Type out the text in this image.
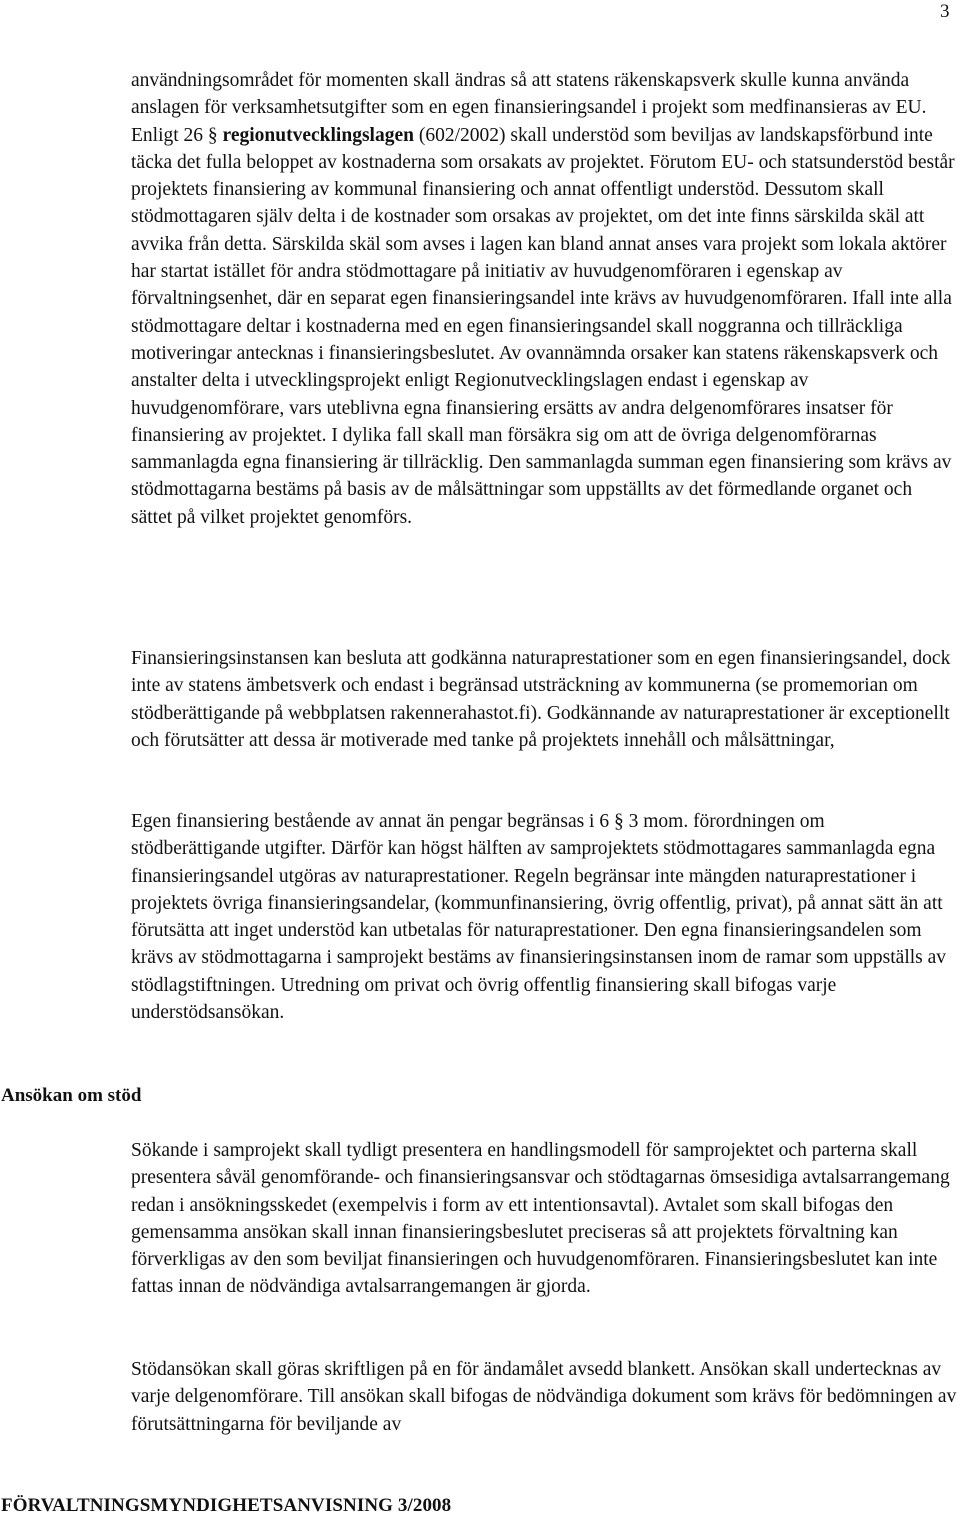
3

användningsområdet för momenten skall ändras så att statens räkenskapsverk skulle kunna använda anslagen för verksamhetsutgifter som en egen finansieringsandel i projekt som medfinansieras av EU. Enligt 26 § regionutvecklingslagen (602/2002) skall understöd som beviljas av landskapsförbund inte täcka det fulla beloppet av kostnaderna som orsakats av projektet. Förutom EU- och statsunderstöd består projektets finansiering av kommunal finansiering och annat offentligt understöd. Dessutom skall stödmottagaren själv delta i de kostnader som orsakas av projektet, om det inte finns särskilda skäl att avvika från detta. Särskilda skäl som avses i lagen kan bland annat anses vara projekt som lokala aktörer har startat istället för andra stödmottagare på initiativ av huvudgenomföraren i egenskap av förvaltningsenhet, där en separat egen finansieringsandel inte krävs av huvudgenomföraren. Ifall inte alla stödmottagare deltar i kostnaderna med en egen finansieringsandel skall noggranna och tillräckliga motiveringar antecknas i finansieringsbeslutet. Av ovannämnda orsaker kan statens räkenskapsverk och anstalter delta i utvecklingsprojekt enligt Regionutvecklingslagen endast i egenskap av huvudgenomförare, vars uteblivna egna finansiering ersätts av andra delgenomförares insatser för finansiering av projektet. I dylika fall skall man försäkra sig om att de övriga delgenomförarnas sammanlagda egna finansiering är tillräcklig. Den sammanlagda summan egen finansiering som krävs av stödmottagarna bestäms på basis av de målsättningar som uppställts av det förmedlande organet och sättet på vilket projektet genomförs.

Finansieringsinstansen kan besluta att godkänna naturaprestationer som en egen finansieringsandel, dock inte av statens ämbetsverk och endast i begränsad utsträckning av kommunerna (se promemorian om stödberättigande på webbplatsen rakennerahastot.fi). Godkännande av naturaprestationer är exceptionellt och förutsätter att dessa är motiverade med tanke på projektets innehåll och målsättningar,

Egen finansiering bestående av annat än pengar begränsas i 6 § 3 mom. förordningen om stödberättigande utgifter. Därför kan högst hälften av samprojektets stödmottagares sammanlagda egna finansieringsandel utgöras av naturaprestationer. Regeln begränsar inte mängden naturaprestationer i projektets övriga finansieringsandelar, (kommunfinansiering, övrig offentlig, privat), på annat sätt än att förutsätta att inget understöd kan utbetalas för naturaprestationer. Den egna finansieringsandelen som krävs av stödmottagarna i samprojekt bestäms av finansieringsinstansen inom de ramar som uppställs av stödlagstiftningen. Utredning om privat och övrig offentlig finansiering skall bifogas varje understödsansökan.

Ansökan om stöd

Sökande i samprojekt skall tydligt presentera en handlingsmodell för samprojektet och parterna skall presentera såväl genomförande- och finansieringsansvar och stödtagarnas ömsesidiga avtalsarrangemang redan i ansökningsskedet (exempelvis i form av ett intentionsavtal). Avtalet som skall bifogas den gemensamma ansökan skall innan finansieringsbeslutet preciseras så att projektets förvaltning kan förverkligas av den som beviljat finansieringen och huvudgenomföraren. Finansieringsbeslutet kan inte fattas innan de nödvändiga avtalsarrangemangen är gjorda.

Stödansökan skall göras skriftligen på en för ändamålet avsedd blankett. Ansökan skall undertecknas av varje delgenomförare. Till ansökan skall bifogas de nödvändiga dokument som krävs för bedömningen av förutsättningarna för beviljande av

FÖRVALTNINGSMYNDIGHETSANVISNING 3/2008
